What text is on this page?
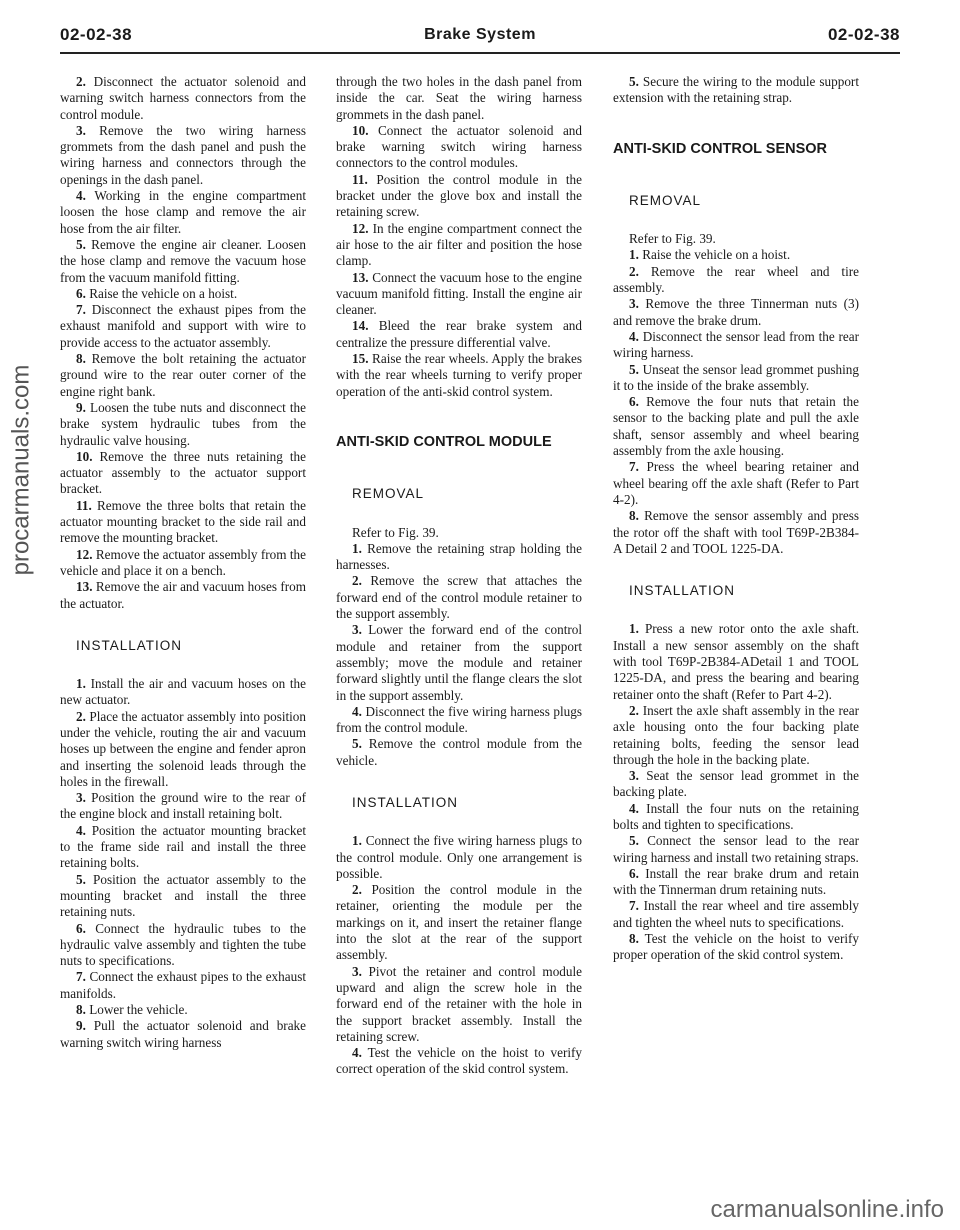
02-02-38	Brake System	02-02-38
procarmanuals.com
carmanualsonline.info

2. Disconnect the actuator solenoid and warning switch harness connectors from the control module.

3. Remove the two wiring harness grommets from the dash panel and push the wiring harness and connectors through the openings in the dash panel.

4. Working in the engine compartment loosen the hose clamp and remove the air hose from the air filter.

5. Remove the engine air cleaner. Loosen the hose clamp and remove the vacuum hose from the vacuum manifold fitting.

6. Raise the vehicle on a hoist.

7. Disconnect the exhaust pipes from the exhaust manifold and support with wire to provide access to the actuator assembly.

8. Remove the bolt retaining the actuator ground wire to the rear outer corner of the engine right bank.

9. Loosen the tube nuts and disconnect the brake system hydraulic tubes from the hydraulic valve housing.

10. Remove the three nuts retaining the actuator assembly to the actuator support bracket.

11. Remove the three bolts that retain the actuator mounting bracket to the side rail and remove the mounting bracket.

12. Remove the actuator assembly from the vehicle and place it on a bench.

13. Remove the air and vacuum hoses from the actuator.

INSTALLATION

1. Install the air and vacuum hoses on the new actuator.

2. Place the actuator assembly into position under the vehicle, routing the air and vacuum hoses up between the engine and fender apron and inserting the solenoid leads through the holes in the firewall.

3. Position the ground wire to the rear of the engine block and install retaining bolt.

4. Position the actuator mounting bracket to the frame side rail and install the three retaining bolts.

5. Position the actuator assembly to the mounting bracket and install the three retaining nuts.

6. Connect the hydraulic tubes to the hydraulic valve assembly and tighten the tube nuts to specifications.

7. Connect the exhaust pipes to the exhaust manifolds.

8. Lower the vehicle.

9. Pull the actuator solenoid and brake warning switch wiring harness

through the two holes in the dash panel from inside the car. Seat the wiring harness grommets in the dash panel.

10. Connect the actuator solenoid and brake warning switch wiring harness connectors to the control modules.

11. Position the control module in the bracket under the glove box and install the retaining screw.

12. In the engine compartment connect the air hose to the air filter and position the hose clamp.

13. Connect the vacuum hose to the engine vacuum manifold fitting. Install the engine air cleaner.

14. Bleed the rear brake system and centralize the pressure differential valve.

15. Raise the rear wheels. Apply the brakes with the rear wheels turning to verify proper operation of the anti-skid control system.

ANTI-SKID CONTROL MODULE
REMOVAL

Refer to Fig. 39.

1. Remove the retaining strap holding the harnesses.

2. Remove the screw that attaches the forward end of the control module retainer to the support assembly.

3. Lower the forward end of the control module and retainer from the support assembly; move the module and retainer forward slightly until the flange clears the slot in the support assembly.

4. Disconnect the five wiring harness plugs from the control module.

5. Remove the control module from the vehicle.

INSTALLATION

1. Connect the five wiring harness plugs to the control module. Only one arrangement is possible.

2. Position the control module in the retainer, orienting the module per the markings on it, and insert the retainer flange into the slot at the rear of the support assembly.

3. Pivot the retainer and control module upward and align the screw hole in the forward end of the retainer with the hole in the support bracket assembly. Install the retaining screw.

4. Test the vehicle on the hoist to verify correct operation of the skid control system.

5. Secure the wiring to the module support extension with the retaining strap.

ANTI-SKID CONTROL SENSOR
REMOVAL

Refer to Fig. 39.

1. Raise the vehicle on a hoist.

2. Remove the rear wheel and tire assembly.

3. Remove the three Tinnerman nuts (3) and remove the brake drum.

4. Disconnect the sensor lead from the rear wiring harness.

5. Unseat the sensor lead grommet pushing it to the inside of the brake assembly.

6. Remove the four nuts that retain the sensor to the backing plate and pull the axle shaft, sensor assembly and wheel bearing assembly from the axle housing.

7. Press the wheel bearing retainer and wheel bearing off the axle shaft (Refer to Part 4-2).

8. Remove the sensor assembly and press the rotor off the shaft with tool T69P-2B384-A Detail 2 and TOOL 1225-DA.

INSTALLATION

1. Press a new rotor onto the axle shaft. Install a new sensor assembly on the shaft with tool T69P-2B384-ADetail 1 and TOOL 1225-DA, and press the bearing and bearing retainer onto the shaft (Refer to Part 4-2).

2. Insert the axle shaft assembly in the rear axle housing onto the four backing plate retaining bolts, feeding the sensor lead through the hole in the backing plate.

3. Seat the sensor lead grommet in the backing plate.

4. Install the four nuts on the retaining bolts and tighten to specifications.

5. Connect the sensor lead to the rear wiring harness and install two retaining straps.

6. Install the rear brake drum and retain with the Tinnerman drum retaining nuts.

7. Install the rear wheel and tire assembly and tighten the wheel nuts to specifications.

8. Test the vehicle on the hoist to verify proper operation of the skid control system.
